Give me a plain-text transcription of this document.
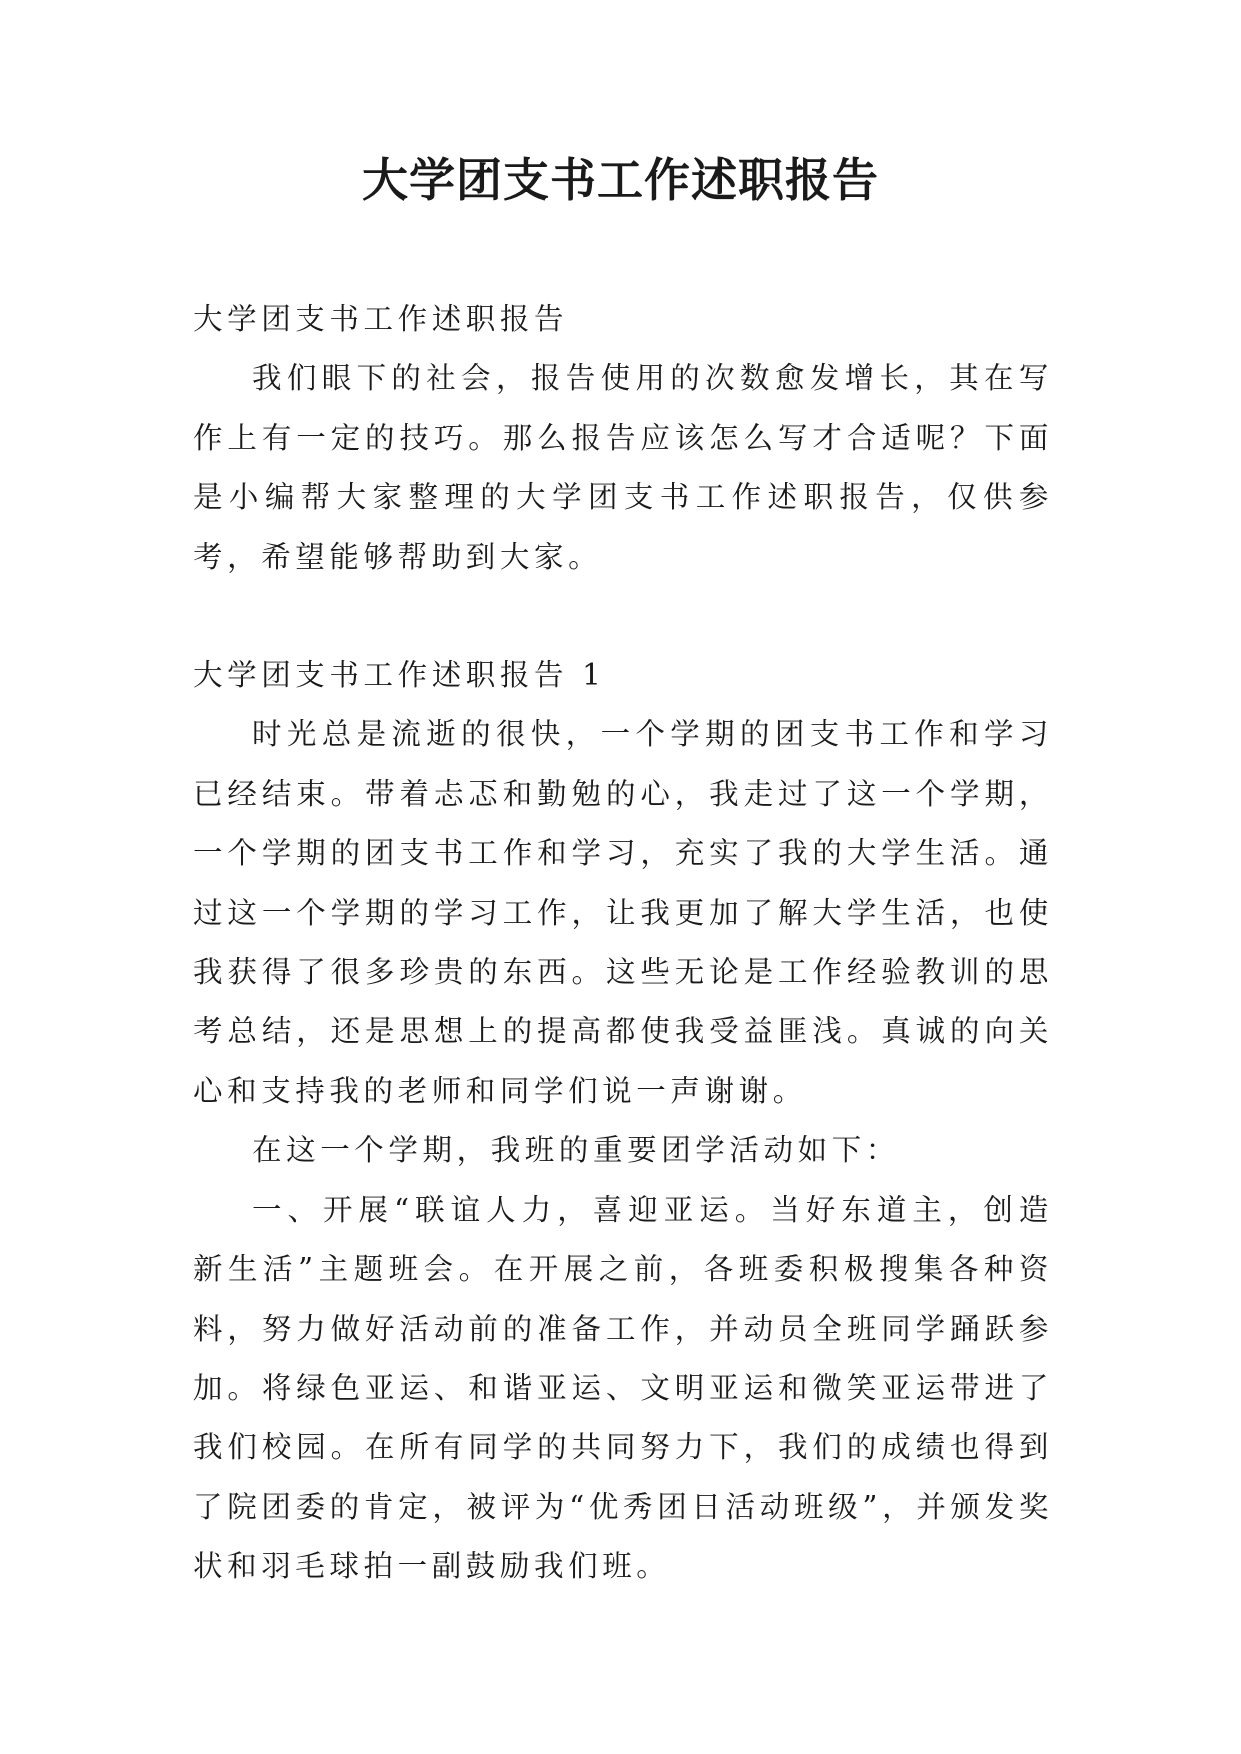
大学团支书工作述职报告

大学团支书工作述职报告

我们眼下的社会，报告使用的次数愈发增长，其在写作上有一定的技巧。那么报告应该怎么写才合适呢？下面是小编帮大家整理的大学团支书工作述职报告，仅供参考，希望能够帮助到大家。

大学团支书工作述职报告 1

时光总是流逝的很快，一个学期的团支书工作和学习已经结束。带着忐忑和勤勉的心，我走过了这一个学期，一个学期的团支书工作和学习，充实了我的大学生活。通过这一个学期的学习工作，让我更加了解大学生活，也使我获得了很多珍贵的东西。这些无论是工作经验教训的思考总结，还是思想上的提高都使我受益匪浅。真诚的向关心和支持我的老师和同学们说一声谢谢。

在这一个学期，我班的重要团学活动如下：

一、开展“联谊人力，喜迎亚运。当好东道主，创造新生活”主题班会。在开展之前，各班委积极搜集各种资料，努力做好活动前的准备工作，并动员全班同学踊跃参加。将绿色亚运、和谐亚运、文明亚运和微笑亚运带进了我们校园。在所有同学的共同努力下，我们的成绩也得到了院团委的肯定，被评为“优秀团日活动班级”，并颁发奖状和羽毛球拍一副鼓励我们班。
